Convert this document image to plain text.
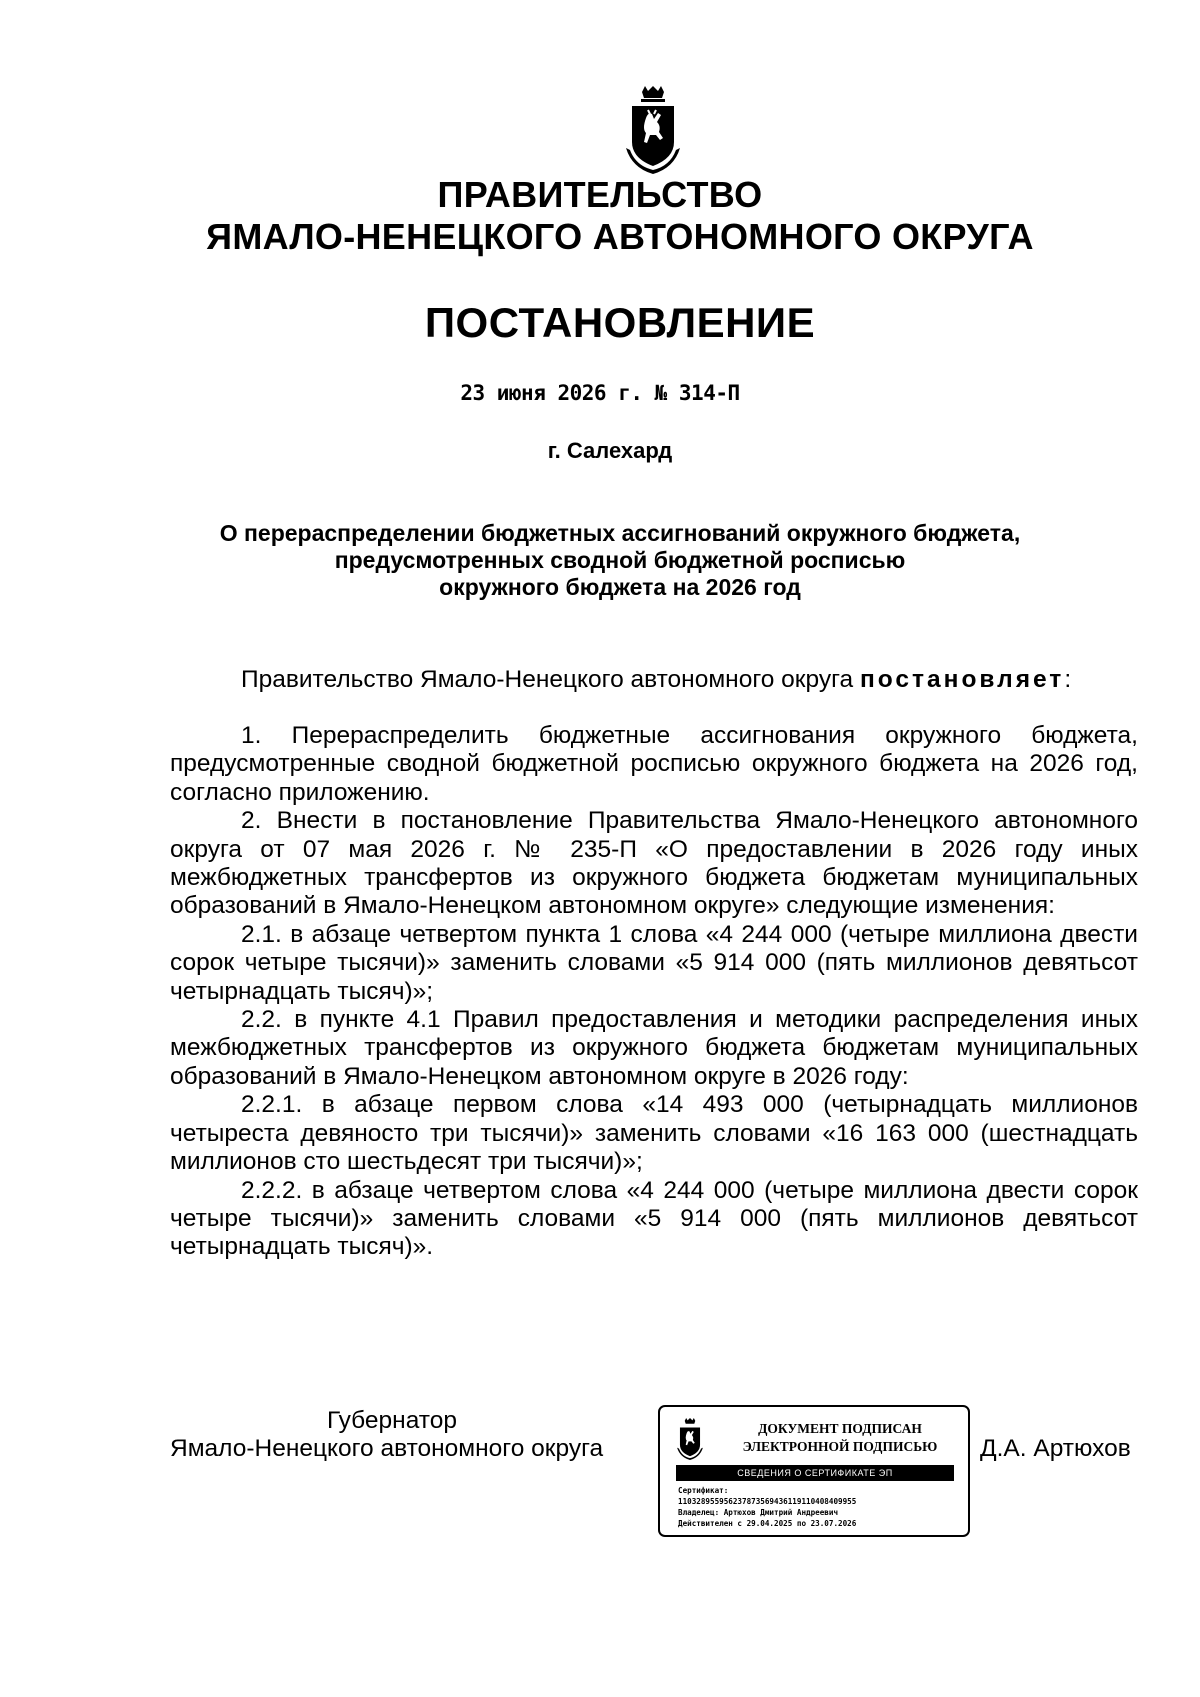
ПРАВИТЕЛЬСТВО
ЯМАЛО-НЕНЕЦКОГО АВТОНОМНОГО ОКРУГА
ПОСТАНОВЛЕНИЕ
23 июня 2026 г. № 314-П
г. Салехард
О перераспределении бюджетных ассигнований окружного бюджета,
предусмотренных сводной бюджетной росписью
окружного бюджета на 2026 год
Правительство Ямало-Ненецкого автономного округа постановляет:

1. Перераспределить бюджетные ассигнования окружного бюджета, предусмотренные сводной бюджетной росписью окружного бюджета на 2026 год, согласно приложению.

2. Внести в постановление Правительства Ямало-Ненецкого автономного округа от 07 мая 2026 г. № 235-П «О предоставлении в 2026 году иных межбюджетных трансфертов из окружного бюджета бюджетам муниципальных образований в Ямало-Ненецком автономном округе» следующие изменения:

2.1. в абзаце четвертом пункта 1 слова «4 244 000 (четыре миллиона двести сорок четыре тысячи)» заменить словами «5 914 000 (пять миллионов девятьсот четырнадцать тысяч)»;

2.2. в пункте 4.1 Правил предоставления и методики распределения иных межбюджетных трансфертов из окружного бюджета бюджетам муниципальных образований в Ямало-Ненецком автономном округе в 2026 году:

2.2.1. в абзаце первом слова «14 493 000 (четырнадцать миллионов четыреста девяносто три тысячи)» заменить словами «16 163 000 (шестнадцать миллионов сто шестьдесят три тысячи)»;

2.2.2. в абзаце четвертом слова «4 244 000 (четыре миллиона двести сорок четыре тысячи)» заменить словами «5 914 000 (пять миллионов девятьсот четырнадцать тысяч)».

Губернатор
Ямало-Ненецкого автономного округа
ДОКУМЕНТ ПОДПИСАН
ЭЛЕКТРОННОЙ ПОДПИСЬЮ
СВЕДЕНИЯ О СЕРТИФИКАТЕ ЭП
Сертификат:
110328955956237873569436119110408409955
Владелец: Артюхов Дмитрий Андреевич
Действителен с 29.04.2025 по 23.07.2026
Д.А. Артюхов
